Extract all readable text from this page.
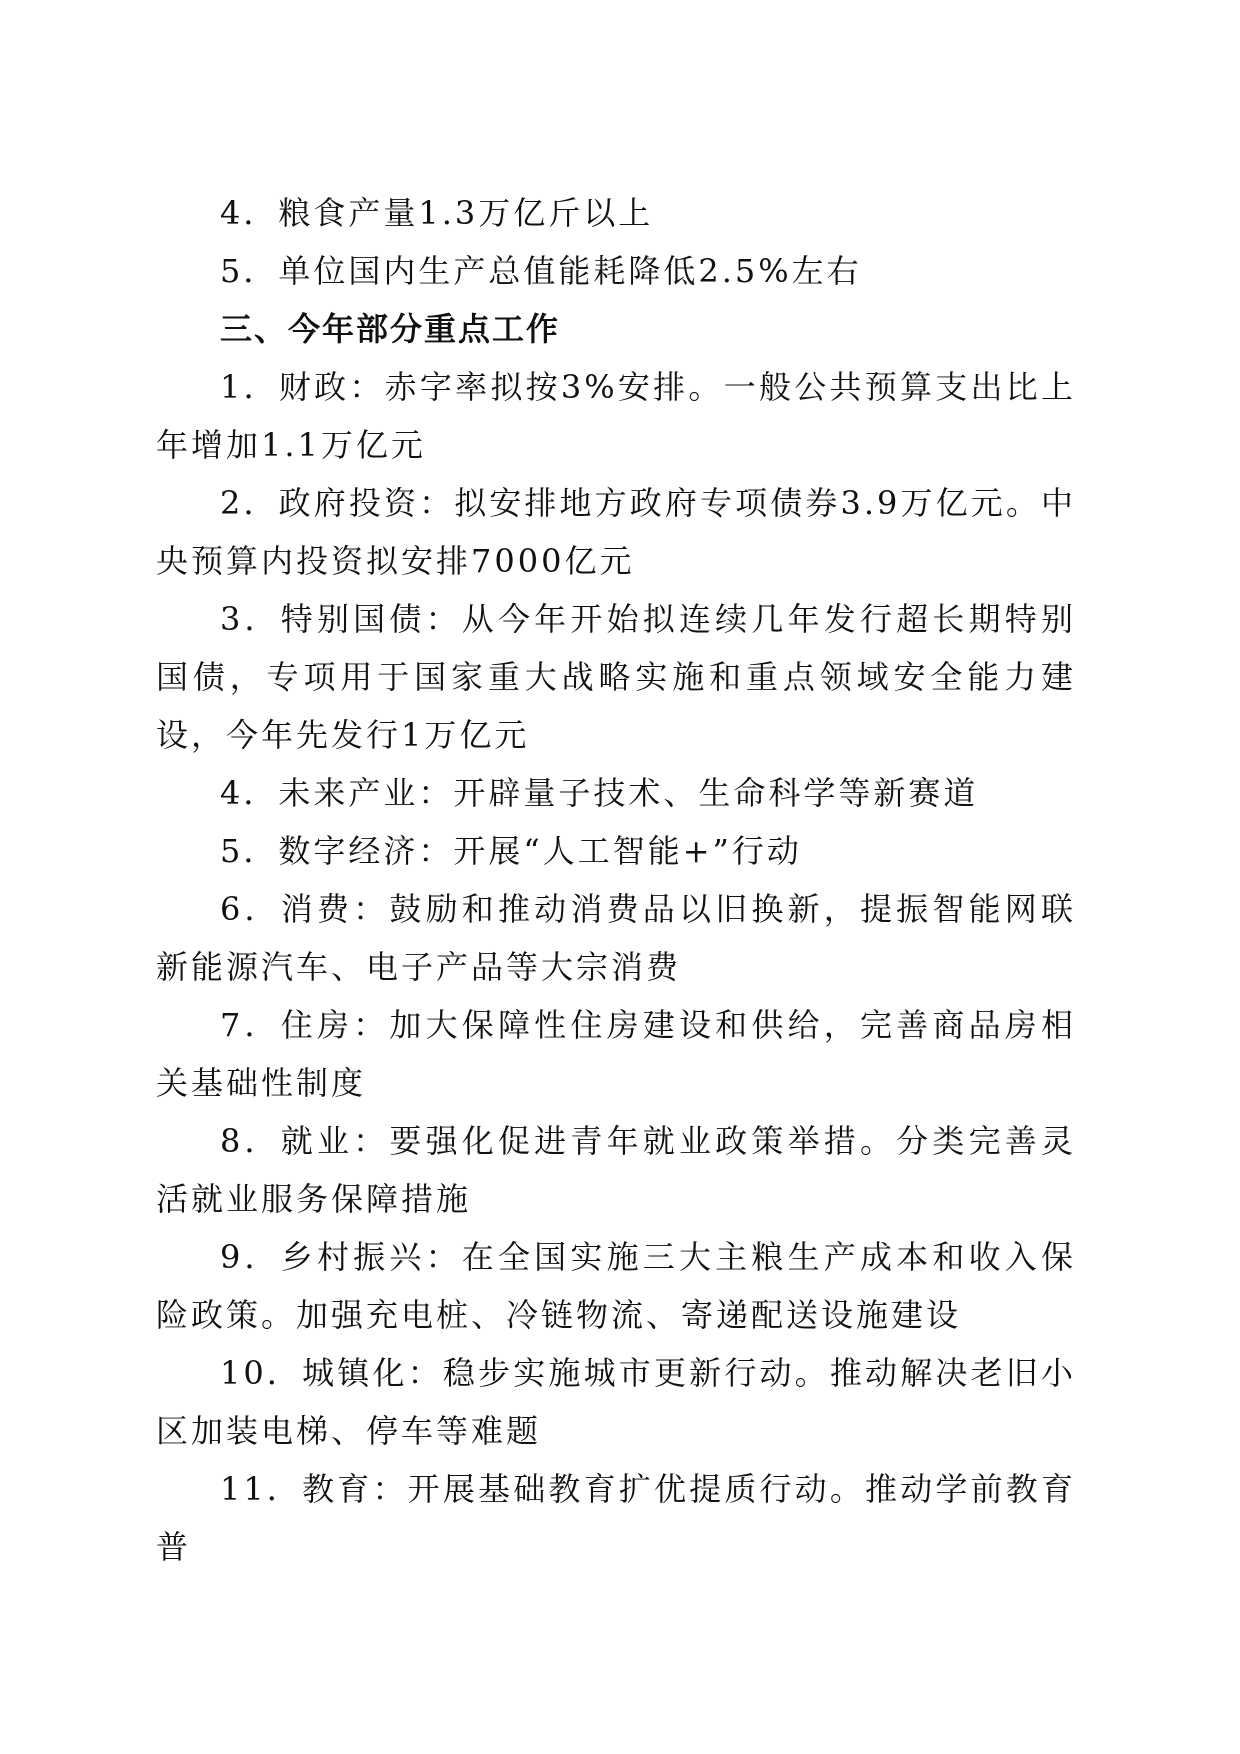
4．粮食产量1.3万亿斤以上

5．单位国内生产总值能耗降低2.5%左右

三、今年部分重点工作

1．财政：赤字率拟按3%安排。一般公共预算支出比上年增加1.1万亿元

2．政府投资：拟安排地方政府专项债券3.9万亿元。中央预算内投资拟安排7000亿元

3．特别国债：从今年开始拟连续几年发行超长期特别国债，专项用于国家重大战略实施和重点领域安全能力建设，今年先发行1万亿元

4．未来产业：开辟量子技术、生命科学等新赛道

5．数字经济：开展“人工智能+”行动

6．消费：鼓励和推动消费品以旧换新，提振智能网联新能源汽车、电子产品等大宗消费

7．住房：加大保障性住房建设和供给，完善商品房相关基础性制度

8．就业：要强化促进青年就业政策举措。分类完善灵活就业服务保障措施

9．乡村振兴：在全国实施三大主粮生产成本和收入保险政策。加强充电桩、冷链物流、寄递配送设施建设

10．城镇化：稳步实施城市更新行动。推动解决老旧小区加装电梯、停车等难题

11．教育：开展基础教育扩优提质行动。推动学前教育普
